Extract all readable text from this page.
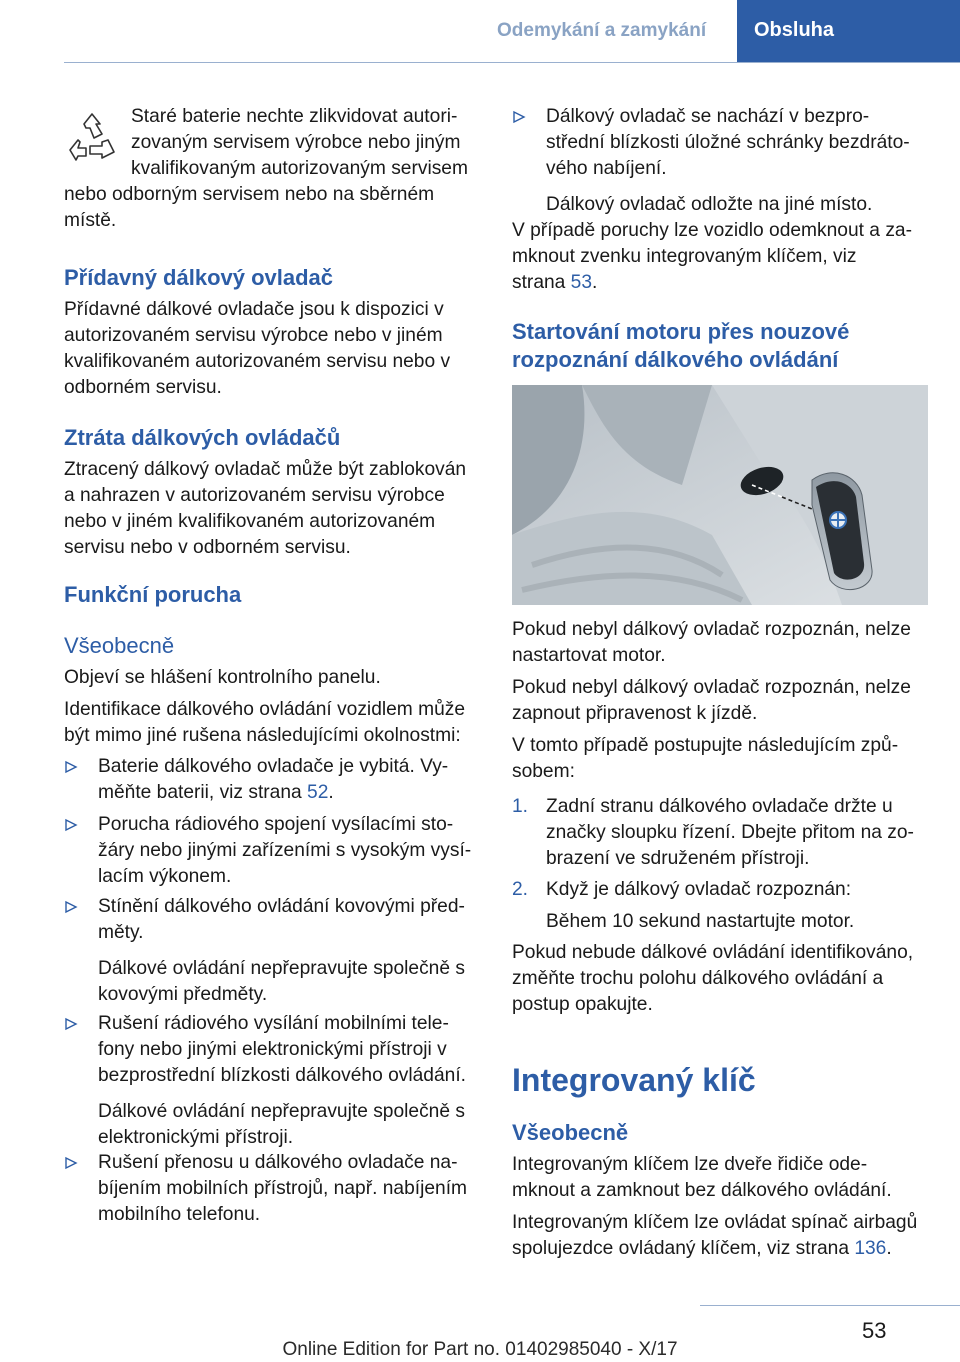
Odemykání a zamykání	Obsluha

Staré baterie nechte zlikvidovat autori‐

zovaným servisem výrobce nebo jiným

kvalifikovaným autorizovaným servisem

nebo odborným servisem nebo na sběrném

místě.

Přídavný dálkový ovladač

Přídavné dálkové ovladače jsou k dispozici v

autorizovaném servisu výrobce nebo v jiném

kvalifikovaném autorizovaném servisu nebo v

odborném servisu.

Ztráta dálkových ovládačů

Ztracený dálkový ovladač může být zablokován

a nahrazen v autorizovaném servisu výrobce

nebo v jiném kvalifikovaném autorizovaném

servisu nebo v odborném servisu.

Funkční porucha
Všeobecně

Objeví se hlášení kontrolního panelu.

Identifikace dálkového ovládání vozidlem může

být mimo jiné rušena následujícími okolnostmi:

Baterie dálkového ovladače je vybitá. Vy‐

měňte baterii, viz strana 52.

Porucha rádiového spojení vysílacími sto‐

žáry nebo jinými zařízeními s vysokým vysí‐

lacím výkonem.

Stínění dálkového ovládání kovovými před‐

měty.

Dálkové ovládání nepřepravujte společně s

kovovými předměty.

Rušení rádiového vysílání mobilními tele‐

fony nebo jinými elektronickými přístroji v

bezprostřední blízkosti dálkového ovládání.

Dálkové ovládání nepřepravujte společně s

elektronickými přístroji.

Rušení přenosu u dálkového ovladače na‐

bíjením mobilních přístrojů, např. nabíjením

mobilního telefonu.

Dálkový ovladač se nachází v bezpro‐

střední blízkosti úložné schránky bezdráto‐

vého nabíjení.

Dálkový ovladač odložte na jiné místo.

V případě poruchy lze vozidlo odemknout a za‐

mknout zvenku integrovaným klíčem, viz

strana 53.

Startování motoru přes nouzové
rozpoznání dálkového ovládání

Pokud nebyl dálkový ovladač rozpoznán, nelze

nastartovat motor.

Pokud nebyl dálkový ovladač rozpoznán, nelze

zapnout připravenost k jízdě.

V tomto případě postupujte následujícím způ‐

sobem:

1. Zadní stranu dálkového ovladače držte u

značky sloupku řízení. Dbejte přitom na zo‐

brazení ve sdruženém přístroji.

2. Když je dálkový ovladač rozpoznán:

Během 10 sekund nastartujte motor.

Pokud nebude dálkové ovládání identifikováno,

změňte trochu polohu dálkového ovládání a

postup opakujte.

Integrovaný klíč
Všeobecně

Integrovaným klíčem lze dveře řidiče ode‐

mknout a zamknout bez dálkového ovládání.

Integrovaným klíčem lze ovládat spínač airbagů

spolujezdce ovládaný klíčem, viz strana 136.

53
Online Edition for Part no. 01402985040 - X/17
